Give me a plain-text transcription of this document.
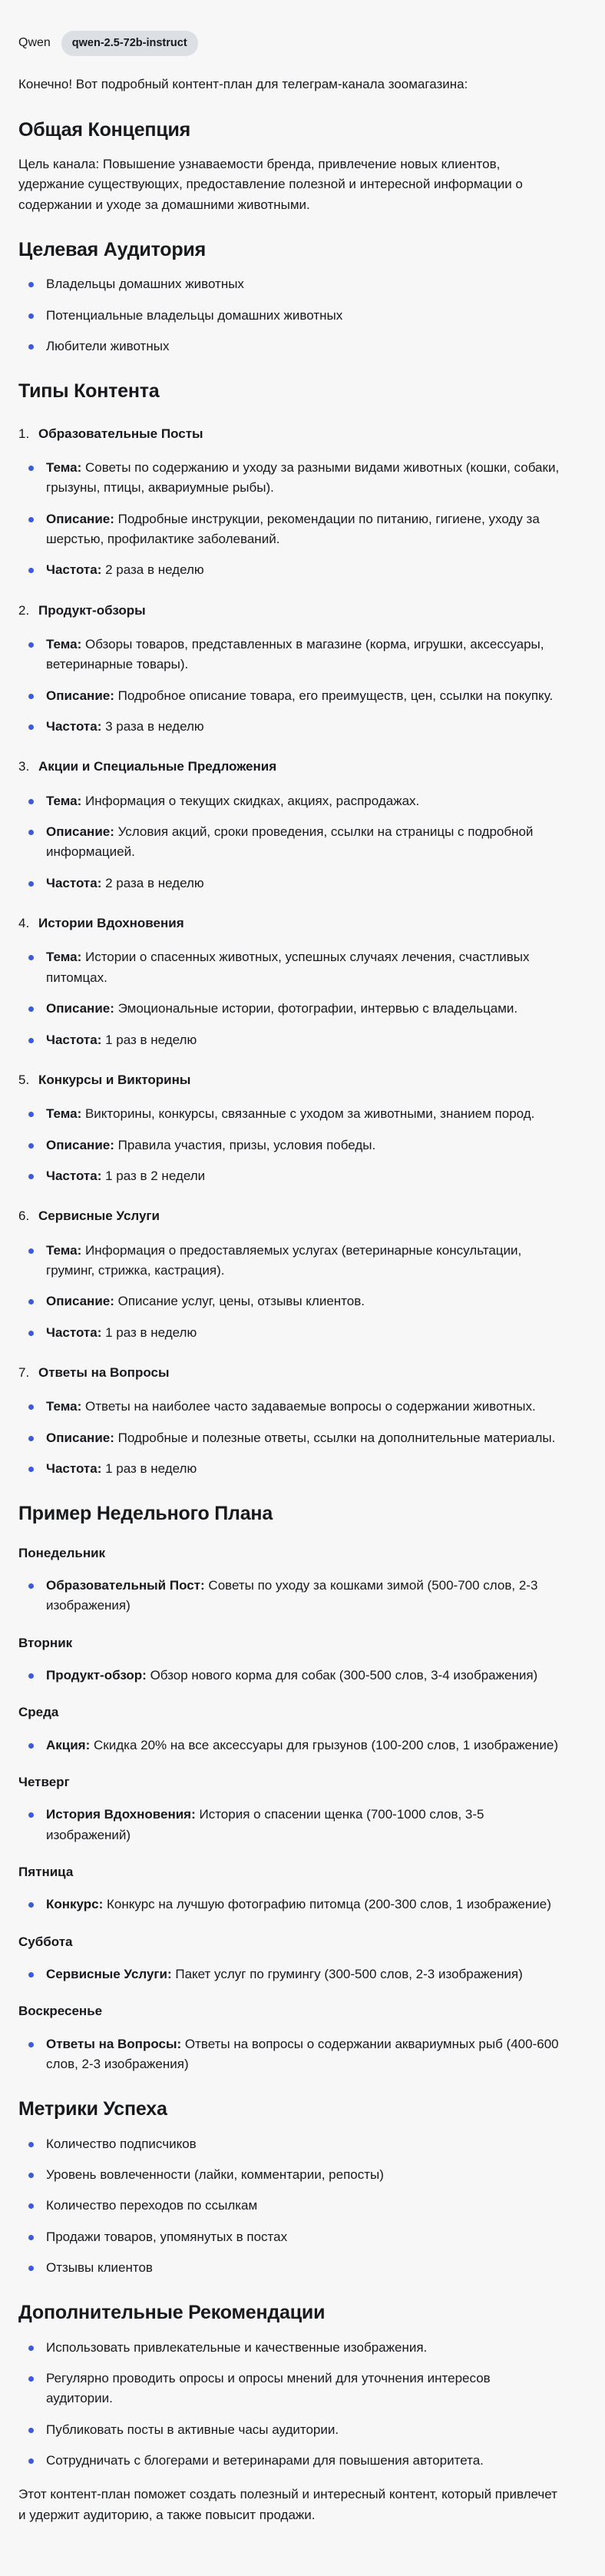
Qwen	qwen-2.5-72b-instruct

Конечно! Вот подробный контент-план для телеграм-канала зоомагазина:

Общая Концепция

Цель канала: Повышение узнаваемости бренда, привлечение новых клиентов, удержание существующих, предоставление полезной и интересной информации о содержании и уходе за домашними животными.

Целевая Аудитория
Владельцы домашних животных
Потенциальные владельцы домашних животных
Любители животных
Типы Контента
1. Образовательные Посты
Тема: Советы по содержанию и уходу за разными видами животных (кошки, собаки, грызуны, птицы, аквариумные рыбы).
Описание: Подробные инструкции, рекомендации по питанию, гигиене, уходу за шерстью, профилактике заболеваний.
Частота: 2 раза в неделю
2. Продукт-обзоры
Тема: Обзоры товаров, представленных в магазине (корма, игрушки, аксессуары, ветеринарные товары).
Описание: Подробное описание товара, его преимуществ, цен, ссылки на покупку.
Частота: 3 раза в неделю
3. Акции и Специальные Предложения
Тема: Информация о текущих скидках, акциях, распродажах.
Описание: Условия акций, сроки проведения, ссылки на страницы с подробной информацией.
Частота: 2 раза в неделю
4. Истории Вдохновения
Тема: Истории о спасенных животных, успешных случаях лечения, счастливых питомцах.
Описание: Эмоциональные истории, фотографии, интервью с владельцами.
Частота: 1 раз в неделю
5. Конкурсы и Викторины
Тема: Викторины, конкурсы, связанные с уходом за животными, знанием пород.
Описание: Правила участия, призы, условия победы.
Частота: 1 раз в 2 недели
6. Сервисные Услуги
Тема: Информация о предоставляемых услугах (ветеринарные консультации, груминг, стрижка, кастрация).
Описание: Описание услуг, цены, отзывы клиентов.
Частота: 1 раз в неделю
7. Ответы на Вопросы
Тема: Ответы на наиболее часто задаваемые вопросы о содержании животных.
Описание: Подробные и полезные ответы, ссылки на дополнительные материалы.
Частота: 1 раз в неделю
Пример Недельного Плана

Понедельник

Образовательный Пост: Советы по уходу за кошками зимой (500-700 слов, 2-3 изображения)

Вторник

Продукт-обзор: Обзор нового корма для собак (300-500 слов, 3-4 изображения)

Среда

Акция: Скидка 20% на все аксессуары для грызунов (100-200 слов, 1 изображение)

Четверг

История Вдохновения: История о спасении щенка (700-1000 слов, 3-5 изображений)

Пятница

Конкурс: Конкурс на лучшую фотографию питомца (200-300 слов, 1 изображение)

Суббота

Сервисные Услуги: Пакет услуг по грумингу (300-500 слов, 2-3 изображения)

Воскресенье

Ответы на Вопросы: Ответы на вопросы о содержании аквариумных рыб (400-600 слов, 2-3 изображения)
Метрики Успеха
Количество подписчиков
Уровень вовлеченности (лайки, комментарии, репосты)
Количество переходов по ссылкам
Продажи товаров, упомянутых в постах
Отзывы клиентов
Дополнительные Рекомендации
Использовать привлекательные и качественные изображения.
Регулярно проводить опросы и опросы мнений для уточнения интересов аудитории.
Публиковать посты в активные часы аудитории.
Сотрудничать с блогерами и ветеринарами для повышения авторитета.

Этот контент-план поможет создать полезный и интересный контент, который привлечет и удержит аудиторию, а также повысит продажи.
